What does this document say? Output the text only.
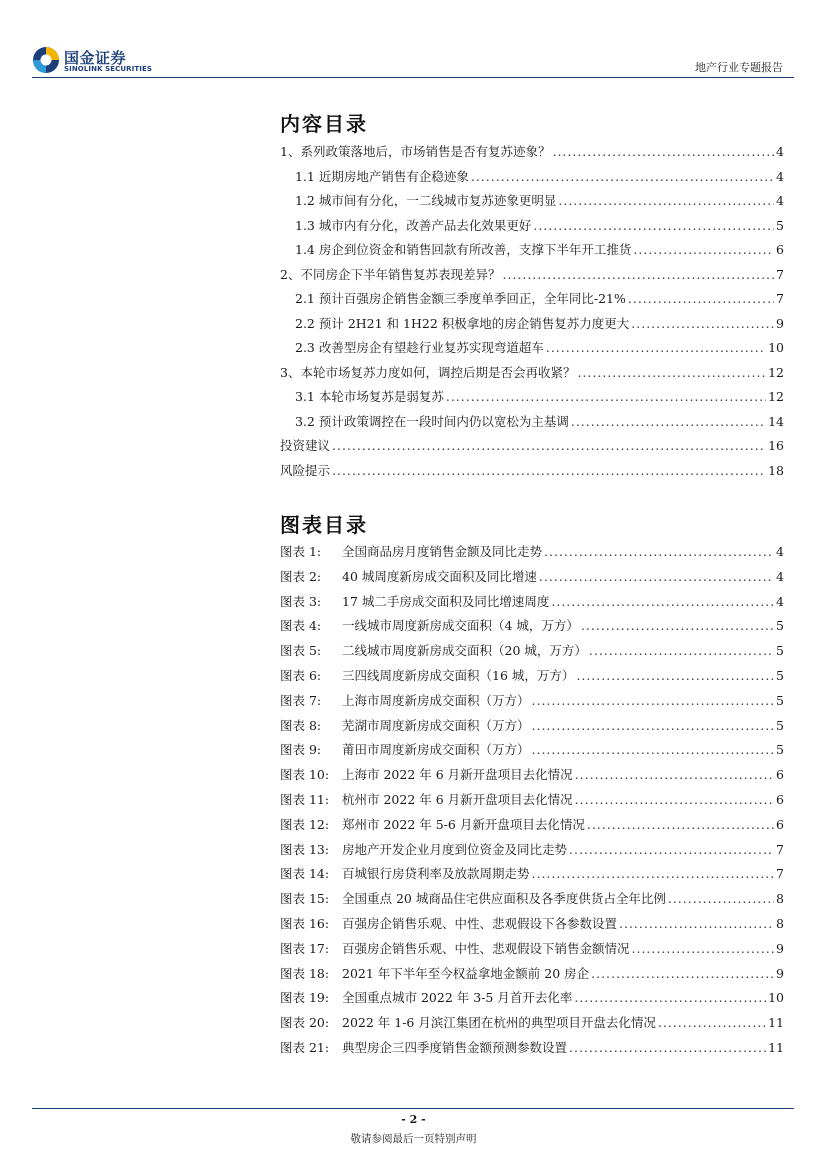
国金证券
SINOLINK SECURITIES	地产行业专题报告
内容目录
1、系列政策落地后，市场销售是否有复苏迹象？ .....	4
1.1 近期房地产销售有企稳迹象 .....	4
1.2 城市间有分化，一二线城市复苏迹象更明显 .....	4
1.3 城市内有分化，改善产品去化效果更好 .....	5
1.4 房企到位资金和销售回款有所改善，支撑下半年开工推货 .....	6
2、不同房企下半年销售复苏表现差异？ .....	7
2.1 预计百强房企销售金额三季度单季回正，全年同比-21% .....	7
2.2 预计 2H21 和 1H22 积极拿地的房企销售复苏力度更大 .....	9
2.3 改善型房企有望趁行业复苏实现弯道超车 .....	10
3、本轮市场复苏力度如何，调控后期是否会再收紧？ .....	12
3.1 本轮市场复苏是弱复苏 .....	12
3.2 预计政策调控在一段时间内仍以宽松为主基调 .....	14
投资建议 .....	16
风险提示 .....	18
图表目录
图表 1:	全国商品房月度销售金额及同比走势 .....	4
图表 2:	40 城周度新房成交面积及同比增速 .....	4
图表 3:	17 城二手房成交面积及同比增速周度 .....	4
图表 4:	一线城市周度新房成交面积（4 城，万方） .....	5
图表 5:	二线城市周度新房成交面积（20 城，万方） .....	5
图表 6:	三四线周度新房成交面积（16 城，万方） .....	5
图表 7:	上海市周度新房成交面积（万方） .....	5
图表 8:	芜湖市周度新房成交面积（万方） .....	5
图表 9:	莆田市周度新房成交面积（万方） .....	5
图表 10:	上海市 2022 年 6 月新开盘项目去化情况 .....	6
图表 11:	杭州市 2022 年 6 月新开盘项目去化情况 .....	6
图表 12:	郑州市 2022 年 5-6 月新开盘项目去化情况 .....	6
图表 13:	房地产开发企业月度到位资金及同比走势 .....	7
图表 14:	百城银行房贷利率及放款周期走势 .....	7
图表 15:	全国重点 20 城商品住宅供应面积及各季度供货占全年比例 .....	8
图表 16:	百强房企销售乐观、中性、悲观假设下各参数设置 .....	8
图表 17:	百强房企销售乐观、中性、悲观假设下销售金额情况 .....	9
图表 18:	2021 年下半年至今权益拿地金额前 20 房企 .....	9
图表 19:	全国重点城市 2022 年 3-5 月首开去化率 .....	10
图表 20:	2022 年 1-6 月滨江集团在杭州的典型项目开盘去化情况 .....	11
图表 21:	典型房企三四季度销售金额预测参数设置 .....	11
- 2 -
敬请参阅最后一页特别声明
